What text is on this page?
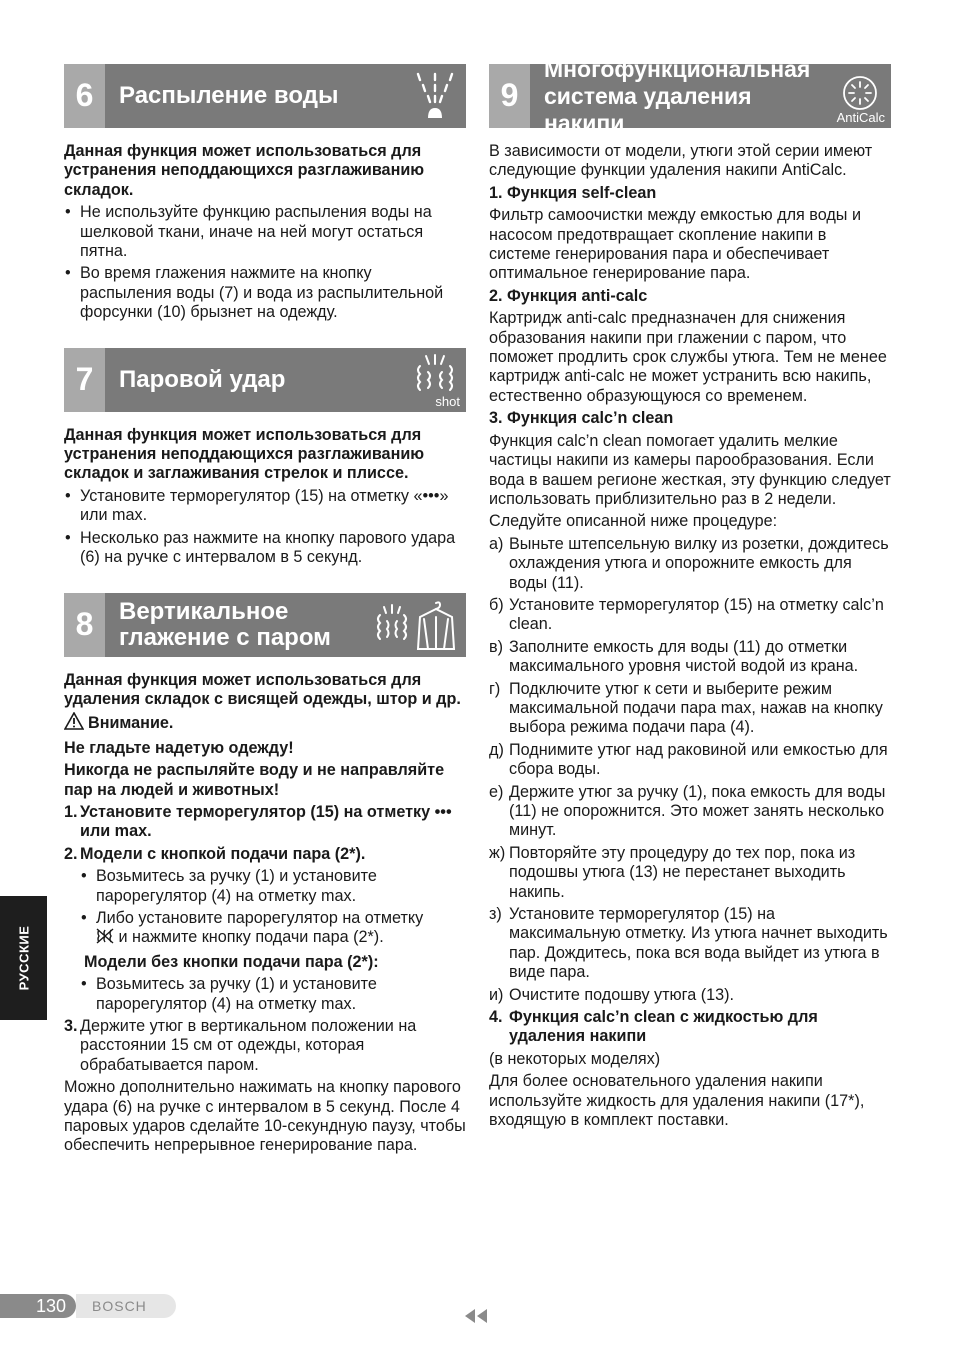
6	Распыление воды

Данная функция может использоваться для устранения неподдающихся разглаживанию складок.

• Не используйте функцию распыления воды на шелковой ткани, иначе на ней могут остаться пятна.
• Во время глажения нажмите на кнопку распыления воды (7) и вода из распылительной форсунки (10) брызнет на одежду.
7	Паровой удар
shot

Данная функция может использоваться для устранения неподдающихся разглаживанию складок и заглаживания стрелок и плиссе.

• Установите терморегулятор (15) на отметку «•••» или max.
• Несколько раз нажмите на кнопку парового удара (6) на ручке с интервалом в 5 секунд.
8	Вертикальное глажение с паром

Данная функция может использоваться для удаления складок с висящей одежды, штор и др.

Внимание.

Не гладьте надетую одежду!

Никогда не распыляйте воду и не направляйте пар на людей и животных!

1. Установите терморегулятор (15) на отметку ••• или max.
2. Модели с кнопкой подачи пара (2*).
• Возьмитесь за ручку (1) и установите парорегулятор (4) на отметку max.
• Либо установите парорегулятор на отметку
и нажмите кнопку подачи пара (2*).

Модели без кнопки подачи пара (2*):

• Возьмитесь за ручку (1) и установите парорегулятор (4) на отметку max.
3. Держите утюг в вертикальном положении на расстоянии 15 см от одежды, которая обрабатывается паром.

Можно дополнительно нажимать на кнопку парового удара (6) на ручке с интервалом в 5 секунд. После 4 паровых ударов сделайте 10-секундную паузу, чтобы обеспечить непрерывное генерирование пара.

9
Многофункциональная система удаления накипи	AntiCalc

В зависимости от модели, утюги этой серии имеют следующие функции удаления накипи AntiCalc.

1. Функция self-clean

Фильтр самоочистки между емкостью для воды и насосом предотвращает скопление накипи в системе генерирования пара и обеспечивает оптимальное генерирование пара.

2. Функция anti-calc

Картридж anti-calc предназначен для снижения образования накипи при глажении с паром, что поможет продлить срок службы утюга. Тем не менее картридж anti-calc не может устранить всю накипь, естественно образующуюся со временем.

3. Функция calc’n clean

Функция calc’n clean помогает удалить мелкие частицы накипи из камеры парообразования. Если вода в вашем регионе жесткая, эту функцию следует использовать приблизительно раз в 2 недели.

Следуйте описанной ниже процедуре:

а) Выньте штепсельную вилку из розетки, дождитесь охлаждения утюга и опорожните емкость для воды (11).
б) Установите терморегулятор (15) на отметку calc’n clean.
в) Заполните емкость для воды (11) до отметки максимального уровня чистой водой из крана.
г) Подключите утюг к сети и выберите режим максимальной подачи пара max, нажав на кнопку выбора режима подачи пара (4).
д) Поднимите утюг над раковиной или емкостью для сбора воды.
е) Держите утюг за ручку (1), пока емкость для воды (11) не опорожнится. Это может занять несколько минут.
ж) Повторяйте эту процедуру до тех пор, пока из подошвы утюга (13) не перестанет выходить накипь.
з) Установите терморегулятор (15) на максимальную отметку. Из утюга начнет выходить пар. Дождитесь, пока вся вода выйдет из утюга в виде пара.
и) Очистите подошву утюга (13).
4. Функция calc’n clean с жидкостью для удаления накипи

(в некоторых моделях)

Для более основательного удаления накипи используйте жидкость для удаления накипи (17*), входящую в комплект поставки.

РУССКИЕ
BOSCH
130
